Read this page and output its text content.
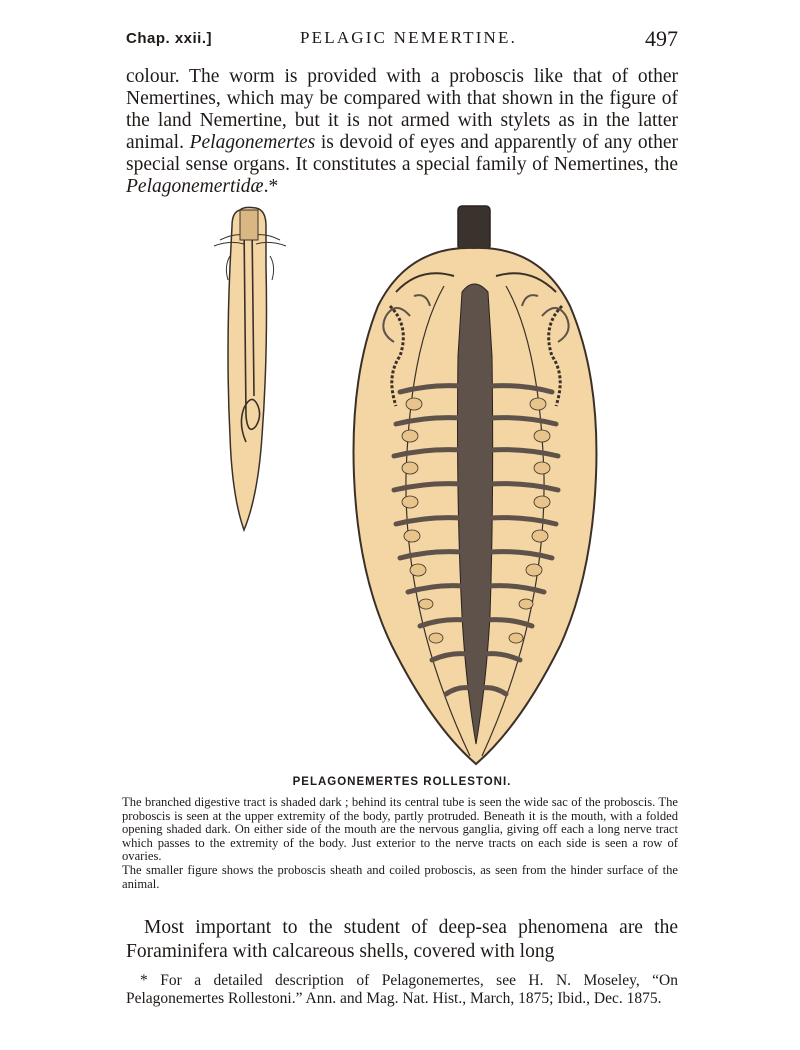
Chap. xxii.]	PELAGIC NEMERTINE.	497

colour. The worm is provided with a proboscis like that of other Nemertines, which may be compared with that shown in the figure of the land Nemertine, but it is not armed with stylets as in the latter animal. Pelagonemertes is devoid of eyes and apparently of any other special sense organs. It constitutes a special family of Nemertines, the Pelagonemertidæ.*

PELAGONEMERTES ROLLESTONI.

The branched digestive tract is shaded dark ; behind its central tube is seen the wide sac of the proboscis. The proboscis is seen at the upper extremity of the body, partly protruded. Beneath it is the mouth, with a folded opening shaded dark. On either side of the mouth are the nervous ganglia, giving off each a long nerve tract which passes to the extremity of the body. Just exterior to the nerve tracts on each side is seen a row of ovaries.

The smaller figure shows the proboscis sheath and coiled proboscis, as seen from the hinder surface of the animal.

Most important to the student of deep-sea phenomena are the Foraminifera with calcareous shells, covered with long

* For a detailed description of Pelagonemertes, see H. N. Moseley, “On Pelagonemertes Rollestoni.” Ann. and Mag. Nat. Hist., March, 1875; Ibid., Dec. 1875.
